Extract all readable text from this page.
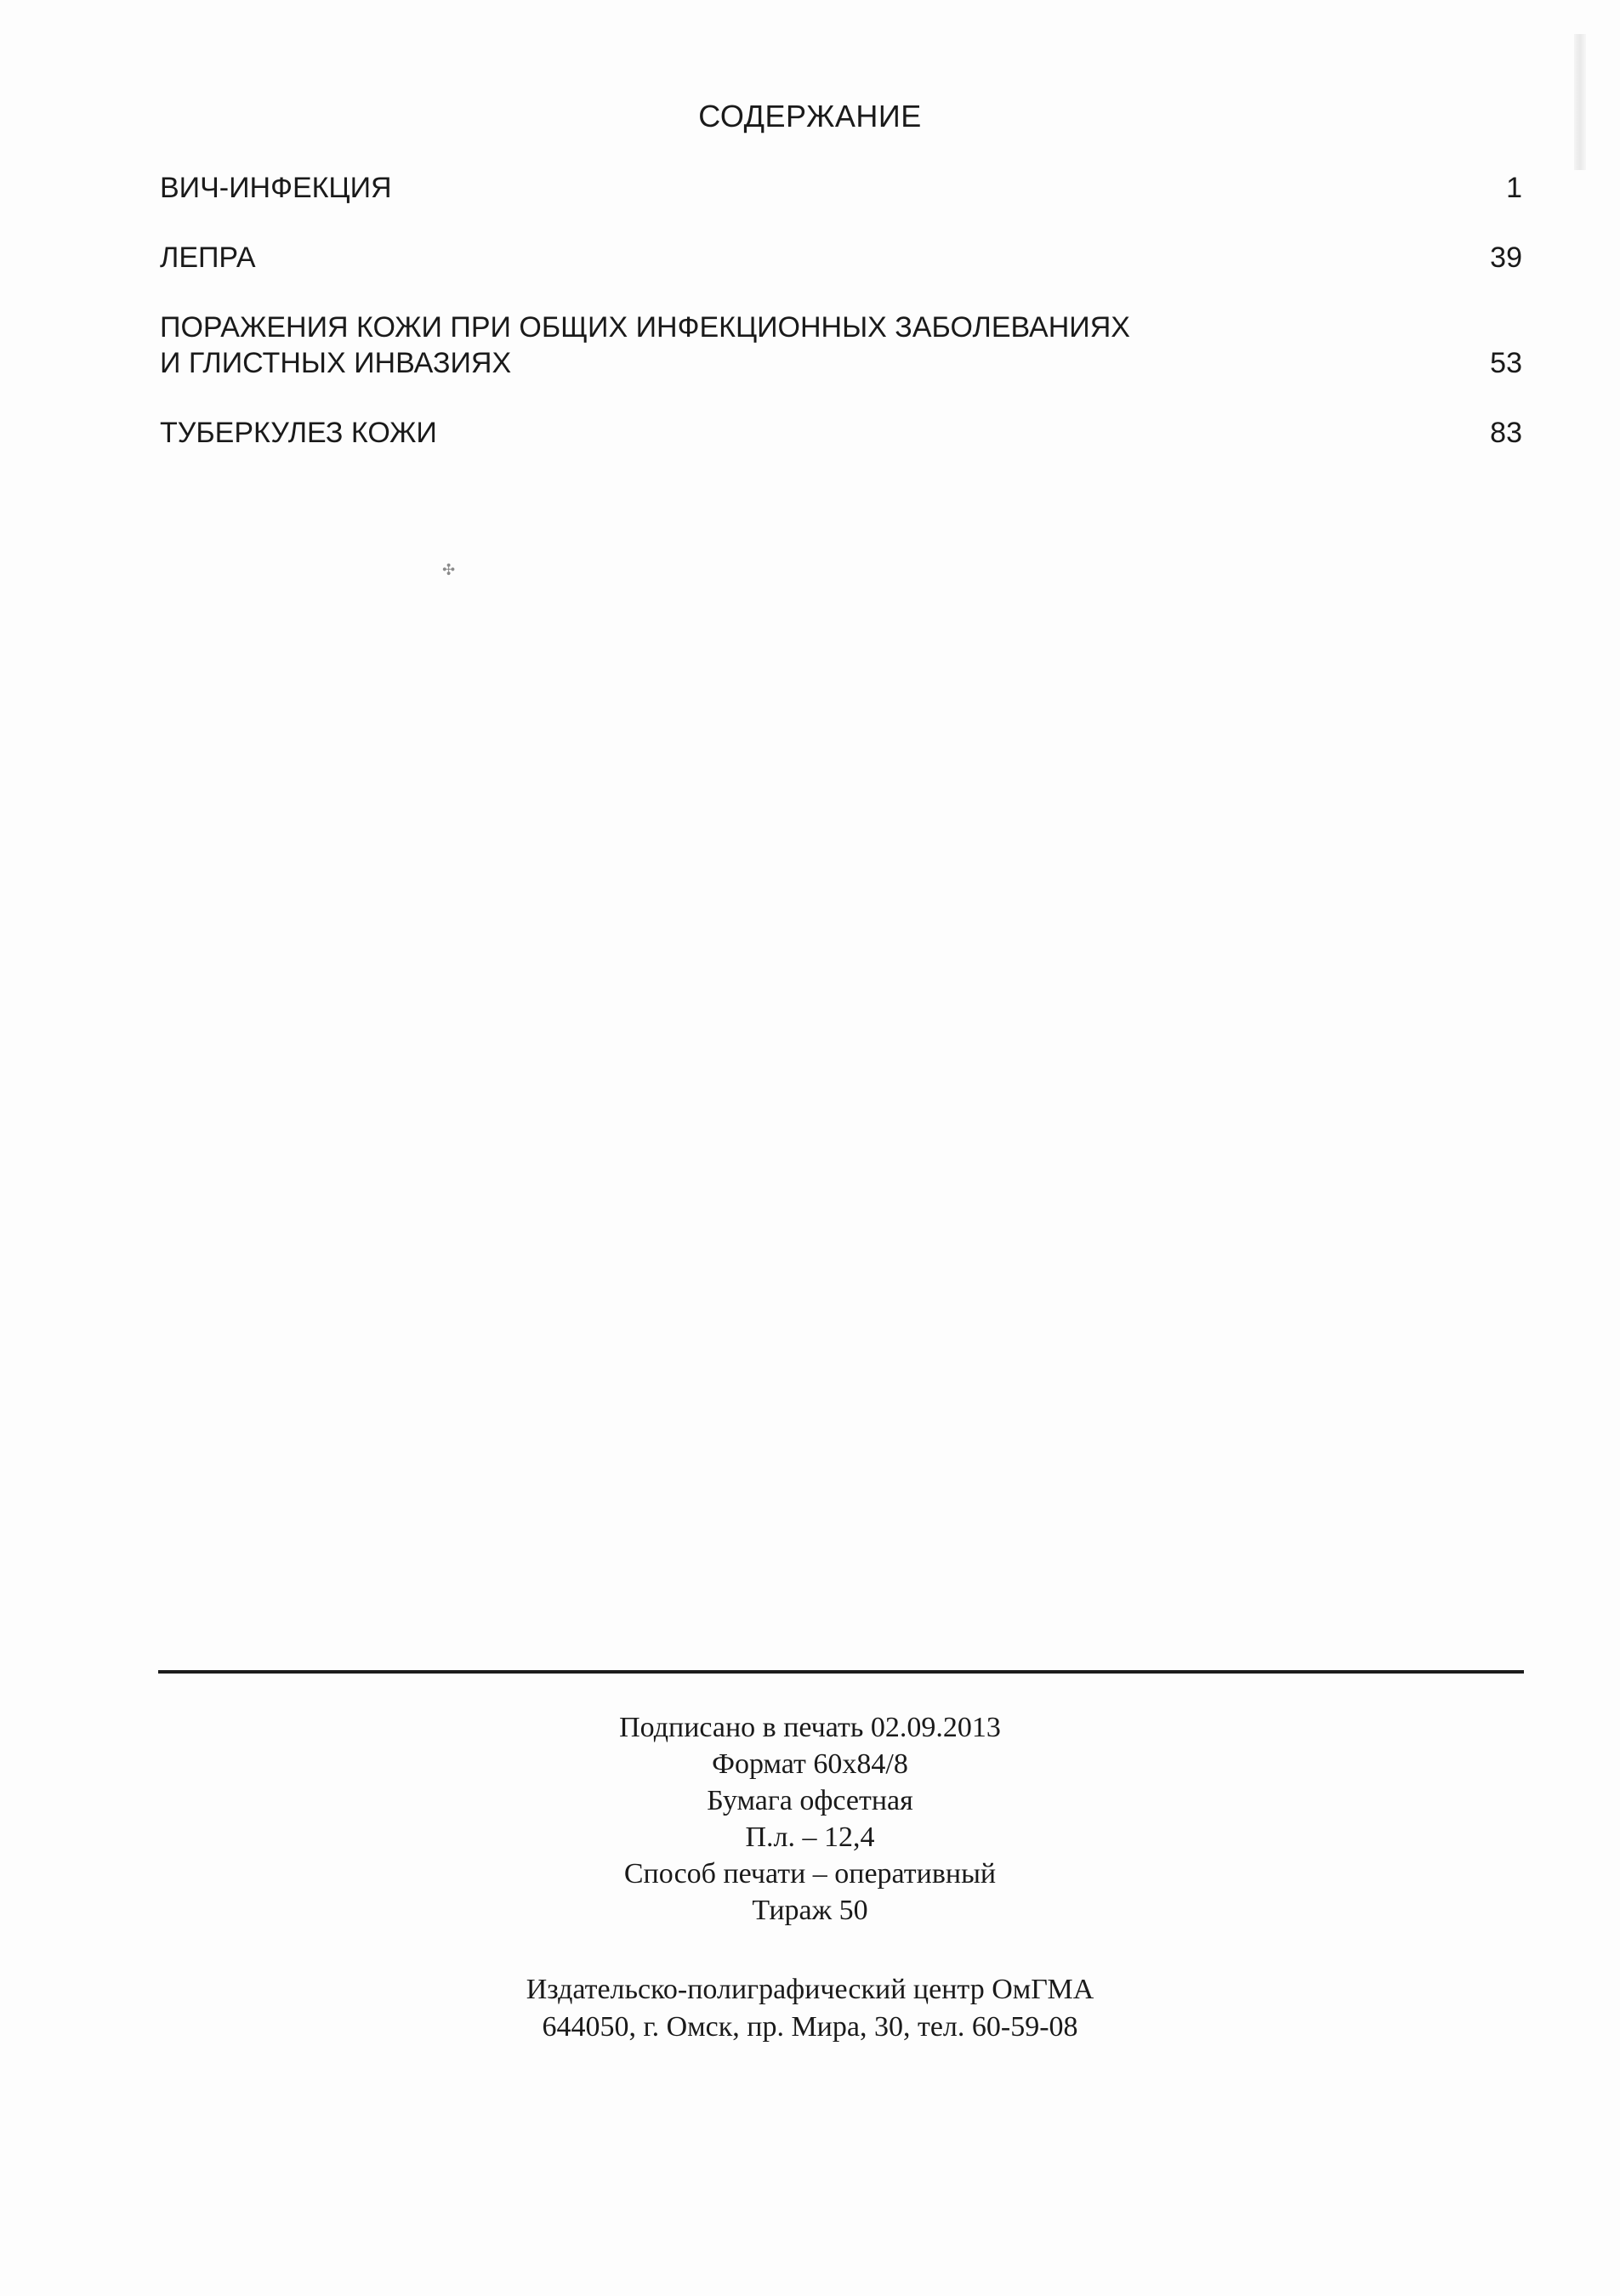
СОДЕРЖАНИЕ
ВИЧ-ИНФЕКЦИЯ	1
ЛЕПРА	39
ПОРАЖЕНИЯ КОЖИ ПРИ ОБЩИХ ИНФЕКЦИОННЫХ ЗАБОЛЕВАНИЯХ
И ГЛИСТНЫХ ИНВАЗИЯХ	53
ТУБЕРКУЛЕЗ КОЖИ	83
✣

Подписано в печать 02.09.2013

Формат 60х84/8

Бумага офсетная

П.л. – 12,4

Способ печати – оперативный

Тираж 50

Издательско-полиграфический центр ОмГМА

644050, г. Омск, пр. Мира, 30, тел. 60-59-08
